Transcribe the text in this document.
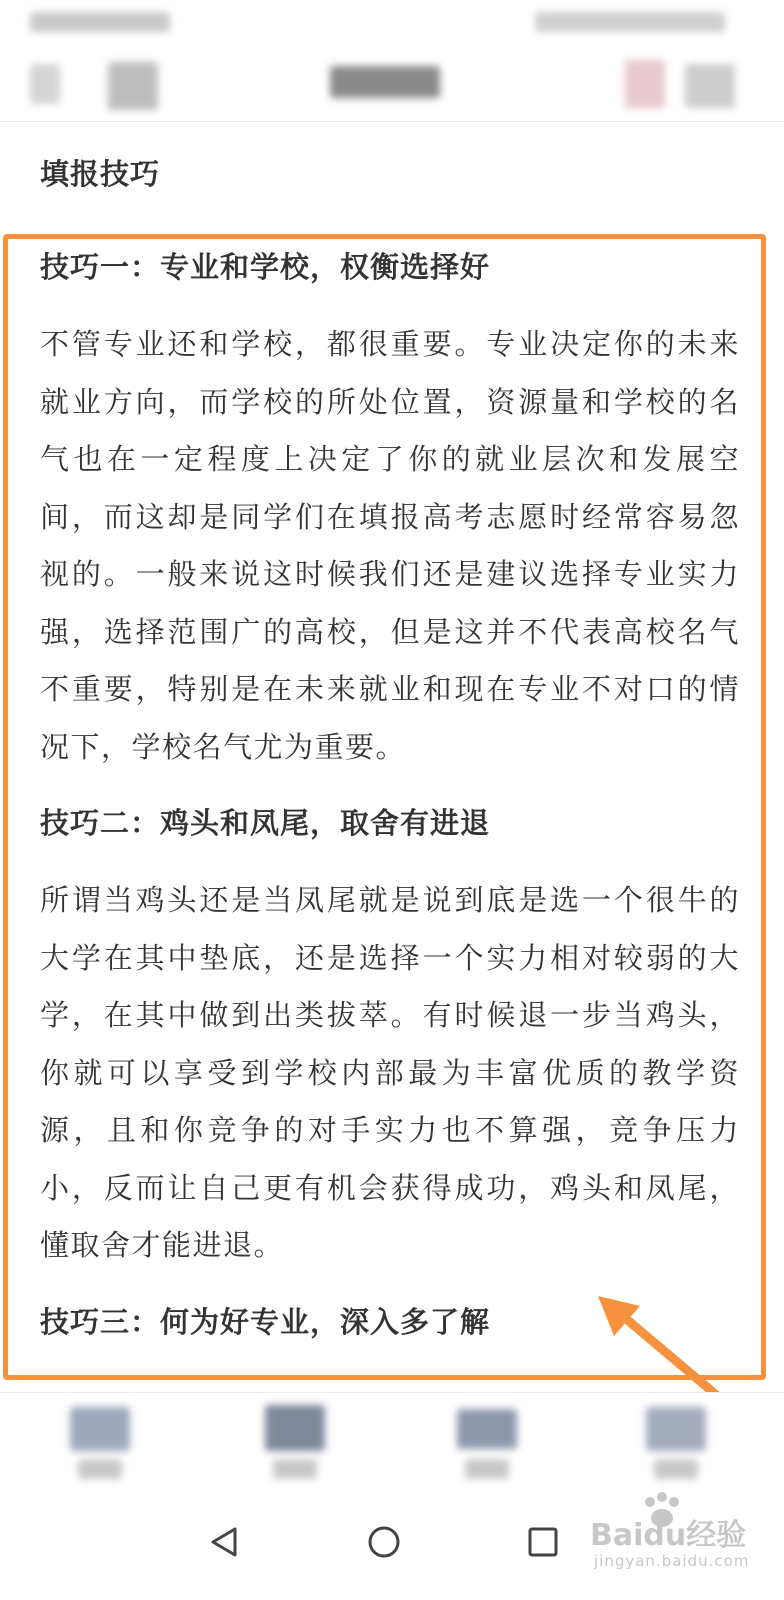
填报技巧
技巧一：专业和学校，权衡选择好
不管专业还和学校，都很重要。专业决定你的未来就业方向，而学校的所处位置，资源量和学校的名气也在一定程度上决定了你的就业层次和发展空间，而这却是同学们在填报高考志愿时经常容易忽视的。一般来说这时候我们还是建议选择专业实力强，选择范围广的高校，但是这并不代表高校名气不重要，特别是在未来就业和现在专业不对口的情况下，学校名气尤为重要。
技巧二：鸡头和凤尾，取舍有进退
所谓当鸡头还是当凤尾就是说到底是选一个很牛的大学在其中垫底，还是选择一个实力相对较弱的大学，在其中做到出类拔萃。有时候退一步当鸡头，你就可以享受到学校内部最为丰富优质的教学资源，且和你竞争的对手实力也不算强，竞争压力小，反而让自己更有机会获得成功，鸡头和凤尾，懂取舍才能进退。
技巧三：何为好专业，深入多了解
Baidu经验
jingyan.baidu.com
